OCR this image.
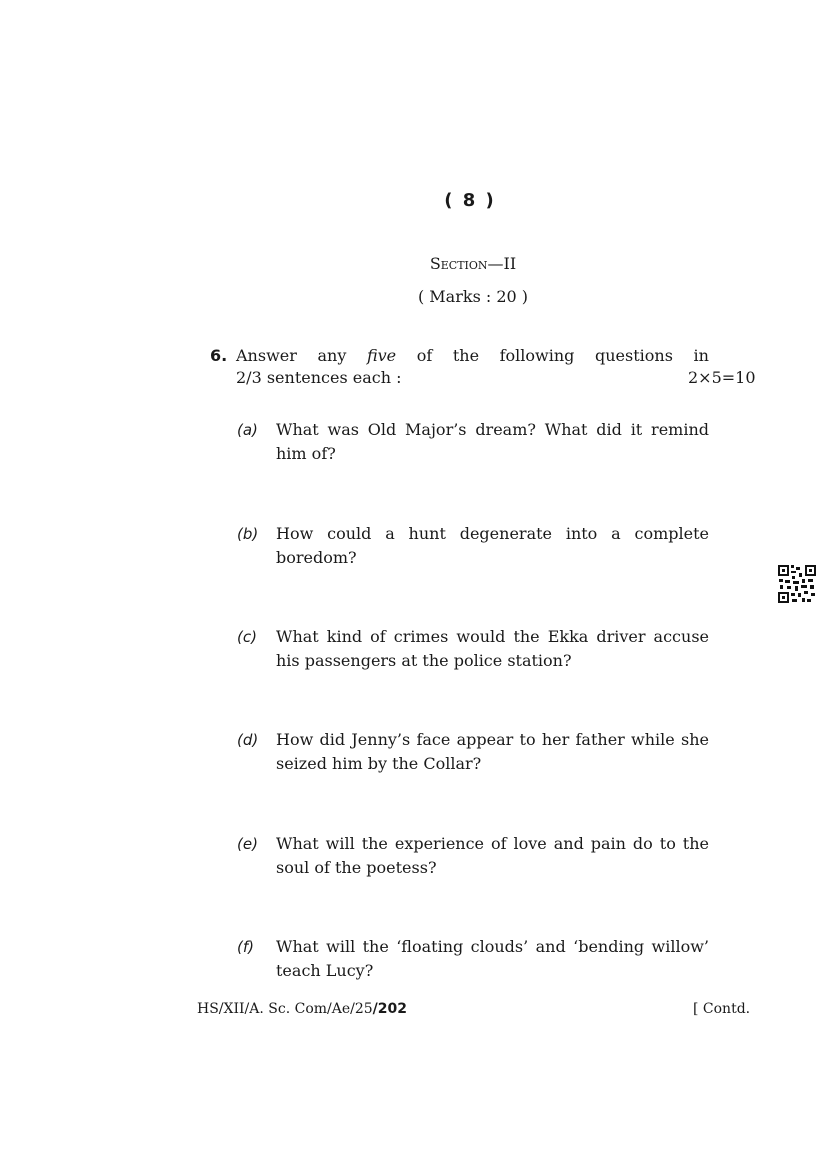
( 8 )
Section—II
( Marks : 20 )
6. Answer any five of the following questions in
2/3 sentences each :	2×5=10
(a) What was Old Major’s dream? What did it remind him of?
(b) How could a hunt degenerate into a complete boredom?
(c) What kind of crimes would the Ekka driver accuse his passengers at the police station?
(d) How did Jenny’s face appear to her father while she seized him by the Collar?
(e) What will the experience of love and pain do to the soul of the poetess?
(f) What will the ‘floating clouds’ and ‘bending willow’ teach Lucy?
HS/XII/A. Sc. Com/Ae/25/202	[ Contd.
